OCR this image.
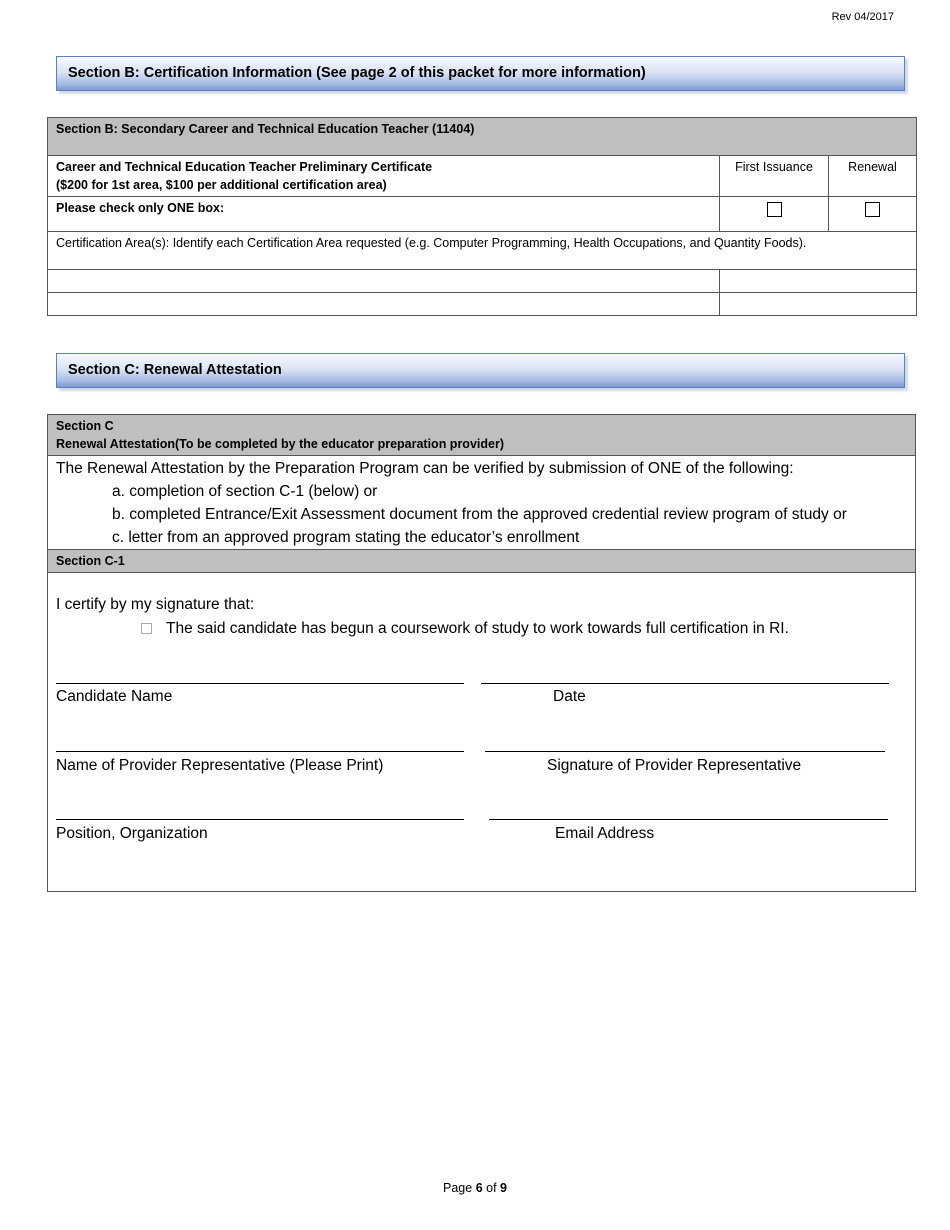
Rev 04/2017
Section B: Certification Information (See page 2 of this packet for more information)
Section B: Secondary Career and Technical Education Teacher (11404)		

Career and Technical Education Teacher Preliminary Certificate
($200 for 1st area, $100 per additional certification area)	First Issuance	Renewal
Please check only ONE box:		
Certification Area(s): Identify each Certification Area requested (e.g. Computer Programming, Health Occupations, and Quantity Foods).		

Section C: Renewal Attestation
Section C
Renewal Attestation(To be completed by the educator preparation provider)

The Renewal Attestation by the Preparation Program can be verified by submission of ONE of the following:
a. completion of section C-1 (below) or
b. completed Entrance/Exit Assessment document from the approved credential review program of study or
c. letter from an approved program stating the educator’s enrollment

Section C-1

I certify by my signature that:
The said candidate has begun a coursework of study to work towards full certification in RI.
Candidate Name	Date
Name of Provider Representative (Please Print)	Signature of Provider Representative
Position, Organization	Email Address
Page 6 of 9
